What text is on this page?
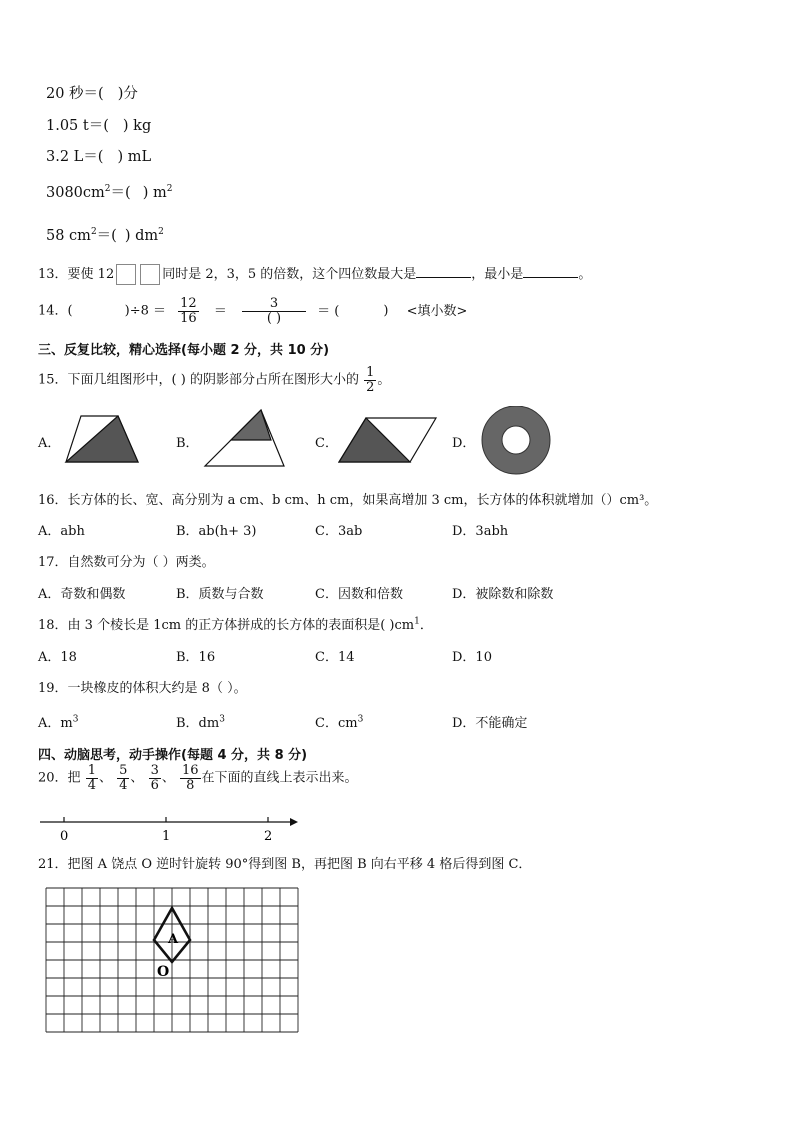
20 秒＝( )分
1.05 t＝( ) kg
3.2 L＝( ) mL
$3080cm^2=$( ) $m^2$
58 $cm^2=$( ) $dm^2$
13．要使 12	同时是 2，3，5 的倍数，这个四位数最大是	，最小是	。
14．(	)$\div 8 = \frac{12}{16} = \frac{3}{( )}$ ＝ (	) <填小数>
三、反复比较，精心选择(每小题 2 分，共 10 分)
15．下面几组图形中，( ) 的阴影部分占所在图形大小的 $\frac{1}{2}$ 。
A．	B．	C．	D．
16．长方体的长、宽、高分别为 a cm、b cm、h cm，如果高增加 3 cm，长方体的体积就增加（）cm³。
A．abh	B．ab(h+ 3)	C．3ab	D．3abh
17．自然数可分为（ ）两类。
A．奇数和偶数	B．质数与合数	C．因数和倍数	D．被除数和除数
18．由 3 个棱长是 1cm 的正方体拼成的长方体的表面积是( )$cm^1$．
A．18	B．16	C．14	D．10
19．一块橡皮的体积大约是 8（ ）。
A．$m^3$	B．$dm^3$	C．$cm^3$	D．不能确定
四、动脑思考，动手操作(每题 4 分，共 8 分)
20．把 $\frac{1}{4}$ 、 $\frac{5}{4}$ 、 $\frac{3}{6}$ 、 $\frac{16}{8}$ 在下面的直线上表示出来。
0	1	2
21．把图 A 饶点 O 逆时针旋转 90°得到图 B，再把图 B 向右平移 4 格后得到图 C．
A
O
